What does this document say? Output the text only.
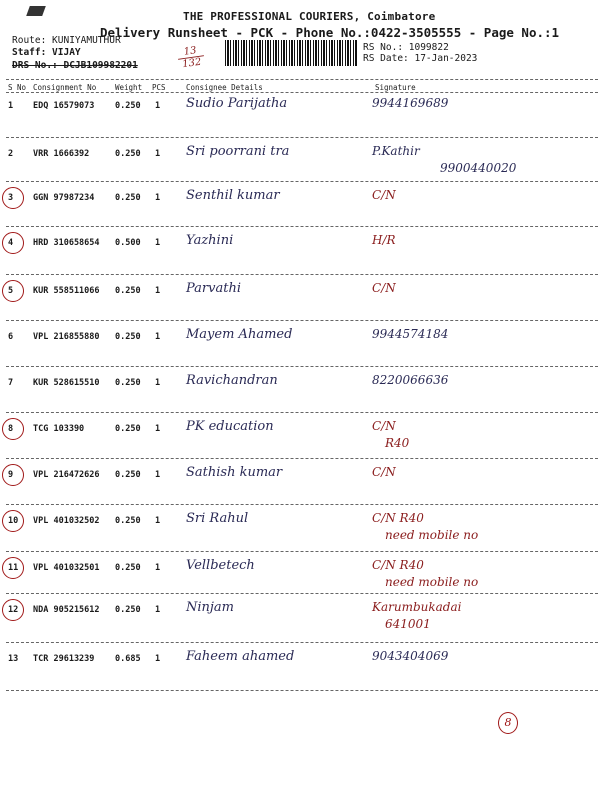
THE PROFESSIONAL COURIERS, Coimbatore
Delivery Runsheet - PCK - Phone No.:0422-3505555 - Page No.:1
Route: KUNIYAMUTHUR
Staff: VIJAY
DRS No.: DCJB109982201
RS No.: 1099822
RS Date: 17-Jan-2023
13
132
S No Consignment No	Weight PCS	Consignee Details	Signature
1 EDQ 16579073 0.250 1 Sudio Parijatha	9944169689
2 VRR 1666392	0.250 1 Sri poorrani tra	P.Kathir
9900440020
3 GGN 97987234 0.250 1 Senthil kumar	C/N
4 HRD 310658654 0.500 1 Yazhini	H/R
5 KUR 558511066 0.250 1 Parvathi	C/N
6 VPL 216855880 0.250 1 Mayem Ahamed	9944574184
7 KUR 528615510 0.250 1 Ravichandran	8220066636
8 TCG 103390	0.250 1 PK education	C/N
R40
9 VPL 216472626 0.250 1 Sathish kumar	C/N
10 VPL 401032502 0.250 1 Sri Rahul	C/N R40
need mobile no
11 VPL 401032501 0.250 1 Vellbetech	C/N R40
need mobile no
12 NDA 905215612 0.250 1 Ninjam	Karumbukadai
641001
13 TCR 29613239 0.685 1 Faheem ahamed	9043404069
8
